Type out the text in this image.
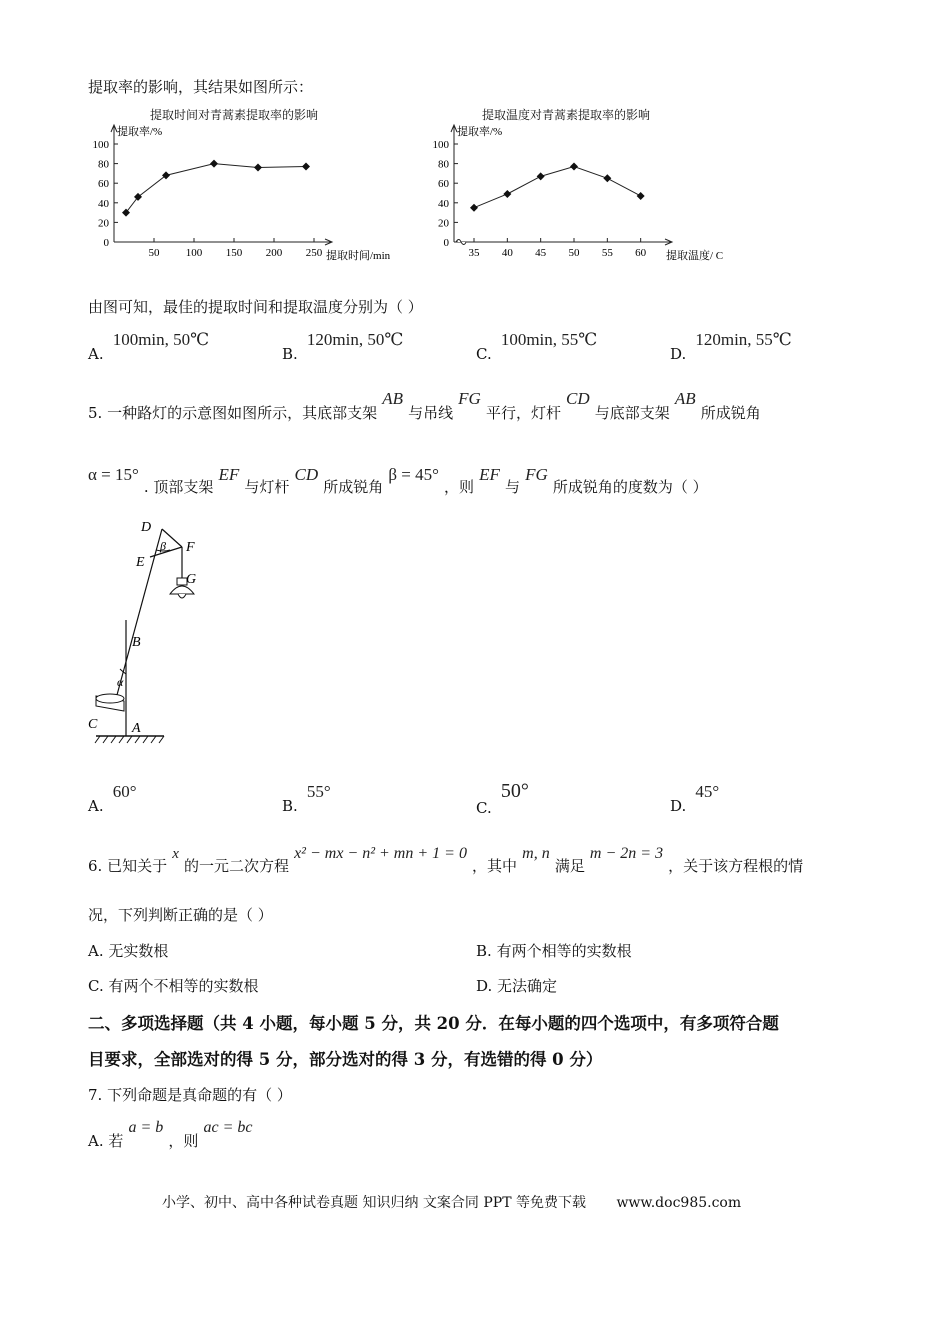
提取率的影响，其结果如图所示：
提取时间对青蒿素提取率的影响
0
20
40
60
80
100
50 100 150 200 250
提取率/%
提取时间/min
提取温度对青蒿素提取率的影响
0
20
40
60
80
100
35 40 45 50 55 60
提取率/%
提取温度/ C
由图可知，最佳的提取时间和提取温度分别为（ ）
A. 100min, 50℃
B. 120min, 50℃
C. 100min, 55℃
D. 120min, 55℃
5. 一种路灯的示意图如图所示，其底部支架 AB 与吊线 FG 平行，灯杆 CD 与底部支架 AB 所成锐角
α = 15° . 顶部支架 EF 与灯杆 CD 所成锐角 β = 45° ，则 EF 与 FG 所成锐角的度数为（ ）
D
E
F
G
B
C A
α
β
A. 60°
B. 55°
C. 50°
D. 45°
6. 已知关于 x 的一元二次方程 x² − mx − n² + mn + 1 = 0 ，其中 m, n 满足 m − 2n = 3 ，关于该方程根的情
况，下列判断正确的是（ ）
A. 无实数根	B. 有两个相等的实数根
C. 有两个不相等的实数根	D. 无法确定
二、多项选择题（共 4 小题，每小题 5 分，共 20 分．在每小题的四个选项中，有多项符合题
目要求，全部选对的得 5 分，部分选对的得 3 分，有选错的得 0 分）
7. 下列命题是真命题的有（ ）
A. 若 a = b ，则 ac = bc
小学、初中、高中各种试卷真题 知识归纳 文案合同 PPT 等免费下载 www.doc985.com
